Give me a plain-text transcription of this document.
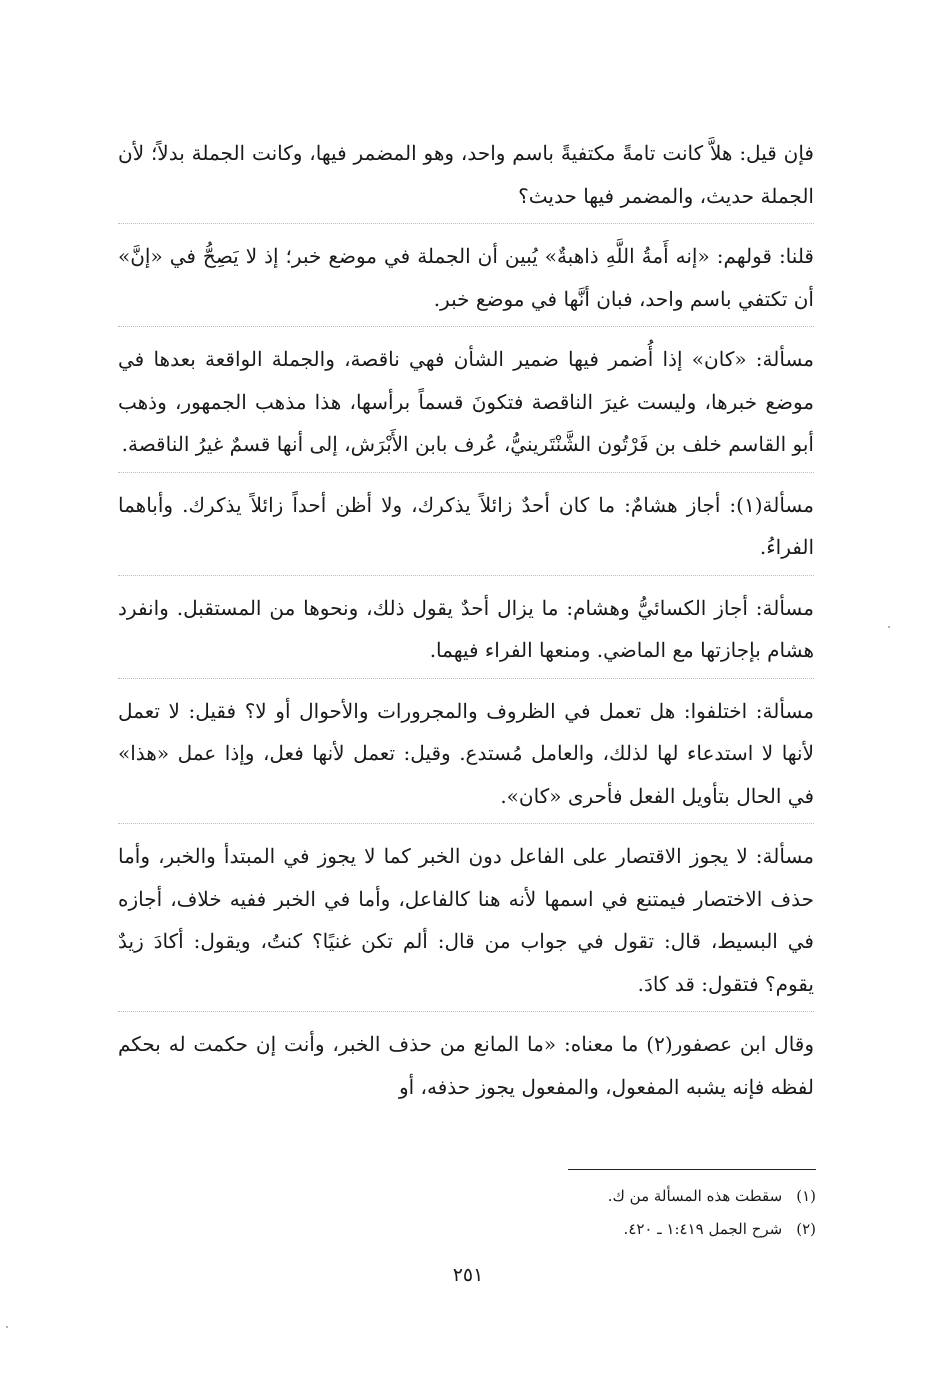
فإن قيل: هلاَّ كانت تامةً مكتفيةً باسم واحد، وهو المضمر فيها، وكانت الجملة بدلاً؛ لأن الجملة حديث، والمضمر فيها حديث؟

قلنا: قولهم: «إنه أَمةُ اللَّهِ ذاهبةٌ» يُبين أن الجملة في موضع خبر؛ إذ لا يَصِحُّ في «إنَّ» أن تكتفي باسم واحد، فبان أنَّها في موضع خبر.

مسألة: «كان» إذا أُضمر فيها ضمير الشأن فهي ناقصة، والجملة الواقعة بعدها في موضع خبرها، وليست غيرَ الناقصة فتكونَ قسماً برأسها، هذا مذهب الجمهور، وذهب أبو القاسم خلف بن فَرْتُون الشَّنْتَرينيُّ، عُرف بابن الأَبْرَش، إلى أنها قسمٌ غيرُ الناقصة.

مسألة(١): أجاز هشامٌ: ما كان أحدٌ زائلاً يذكرك، ولا أظن أحداً زائلاً يذكرك. وأباهما الفراءُ.

مسألة: أجاز الكسائيُّ وهشام: ما يزال أحدٌ يقول ذلك، ونحوها من المستقبل. وانفرد هشام بإجازتها مع الماضي. ومنعها الفراء فيهما.

مسألة: اختلفوا: هل تعمل في الظروف والمجرورات والأحوال أو لا؟ فقيل: لا تعمل لأنها لا استدعاء لها لذلك، والعامل مُستدع. وقيل: تعمل لأنها فعل، وإذا عمل «هذا» في الحال بتأويل الفعل فأحرى «كان».

مسألة: لا يجوز الاقتصار على الفاعل دون الخبر كما لا يجوز في المبتدأ والخبر، وأما حذف الاختصار فيمتنع في اسمها لأنه هنا كالفاعل، وأما في الخبر ففيه خلاف، أجازه في البسيط، قال: تقول في جواب من قال: ألم تكن غنيًا؟ كنتُ، ويقول: أكادَ زيدٌ يقوم؟ فتقول: قد كادَ.

وقال ابن عصفور(٢) ما معناه: «ما المانع من حذف الخبر، وأنت إن حكمت له بحكم لفظه فإنه يشبه المفعول، والمفعول يجوز حذفه، أو

(١)سقطت هذه المسألة من ك.

(٢)شرح الجمل ١:٤١٩ ـ ٤٢٠.

٢٥١
